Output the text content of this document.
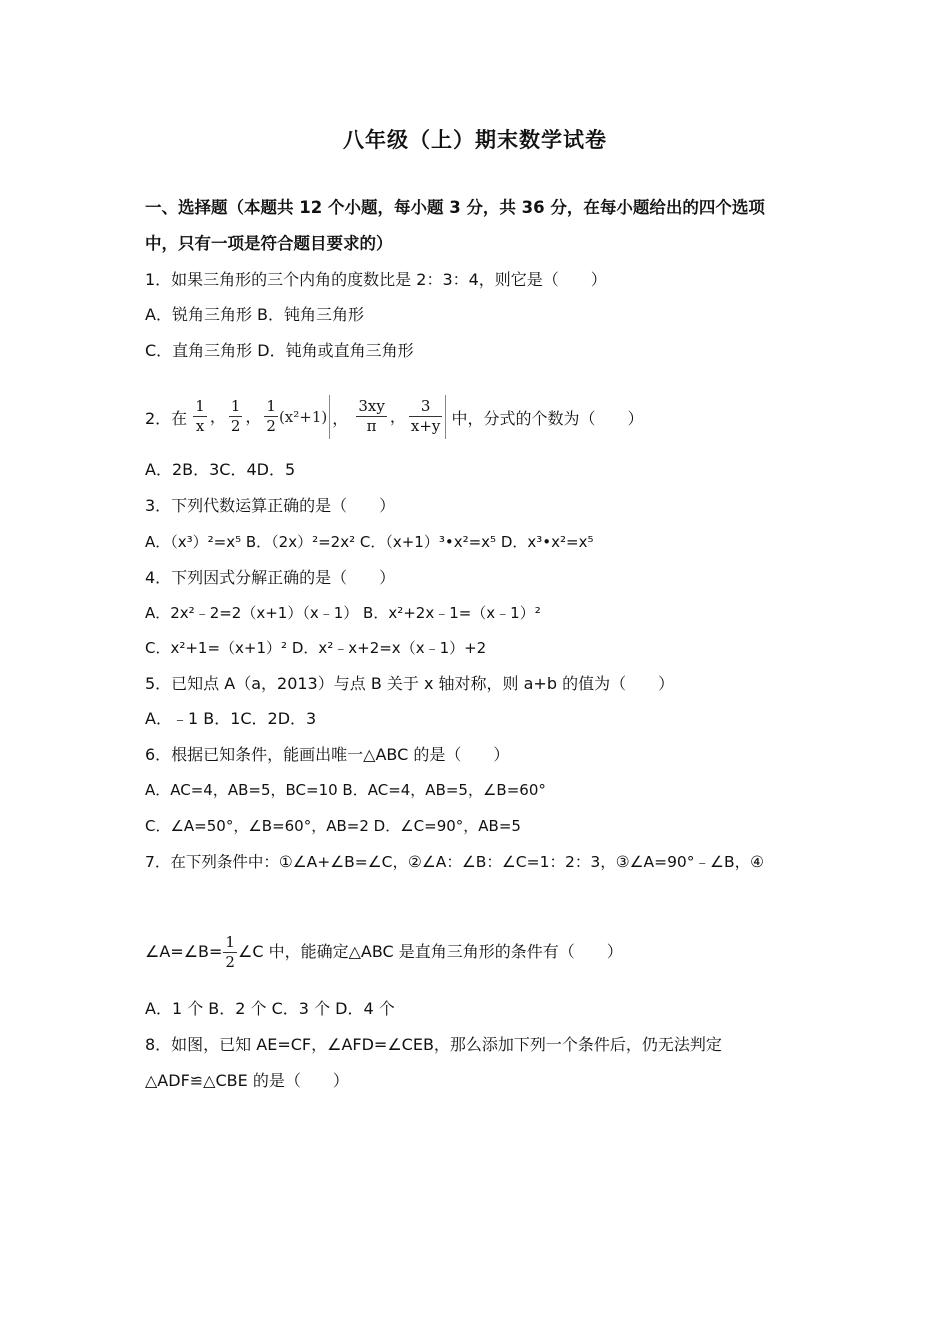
八年级（上）期末数学试卷
一、选择题（本题共 12 个小题，每小题 3 分，共 36 分，在每小题给出的四个选项
中，只有一项是符合题目要求的）
1．如果三角形的三个内角的度数比是 2：3：4，则它是（　　）
A．锐角三角形 B．钝角三角形
C．直角三角形 D．钝角或直角三角形
2．在 $\frac{1}{x}$ ， $\frac{1}{2}$ ， $\frac{1}{2} (x^2+1)$ ， $\frac{3xy}{\pi}$ ， $\frac{3}{x+y}$ 中，分式的个数为（　　）
A．2B．3C．4D．5
3．下列代数运算正确的是（　　）
A．（x³）²=x⁵ B．（2x）²=2x² C．（x+1）³•x²=x⁵ D．x³•x²=x⁵
4．下列因式分解正确的是（　　）
A．2x²﹣2=2（x+1）（x﹣1） B．x²+2x﹣1=（x﹣1）²
C．x²+1=（x+1）² D．x²﹣x+2=x（x﹣1）+2
5．已知点 A（a，2013）与点 B 关于 x 轴对称，则 a+b 的值为（　　）
A．﹣1 B．1C．2D．3
6．根据已知条件，能画出唯一△ABC 的是（　　）
A．AC=4，AB=5，BC=10 B．AC=4，AB=5，∠B=60°
C．∠A=50°，∠B=60°，AB=2 D．∠C=90°，AB=5
7．在下列条件中：①∠A+∠B=∠C，②∠A：∠B：∠C=1：2：3，③∠A=90°﹣∠B，④
∠A=∠B= $\frac{1}{2}$ ∠C 中，能确定△ABC 是直角三角形的条件有（　　）
A．1 个 B．2 个 C．3 个 D．4 个
8．如图，已知 AE=CF，∠AFD=∠CEB，那么添加下列一个条件后，仍无法判定
△ADF≌△CBE 的是（　　）
